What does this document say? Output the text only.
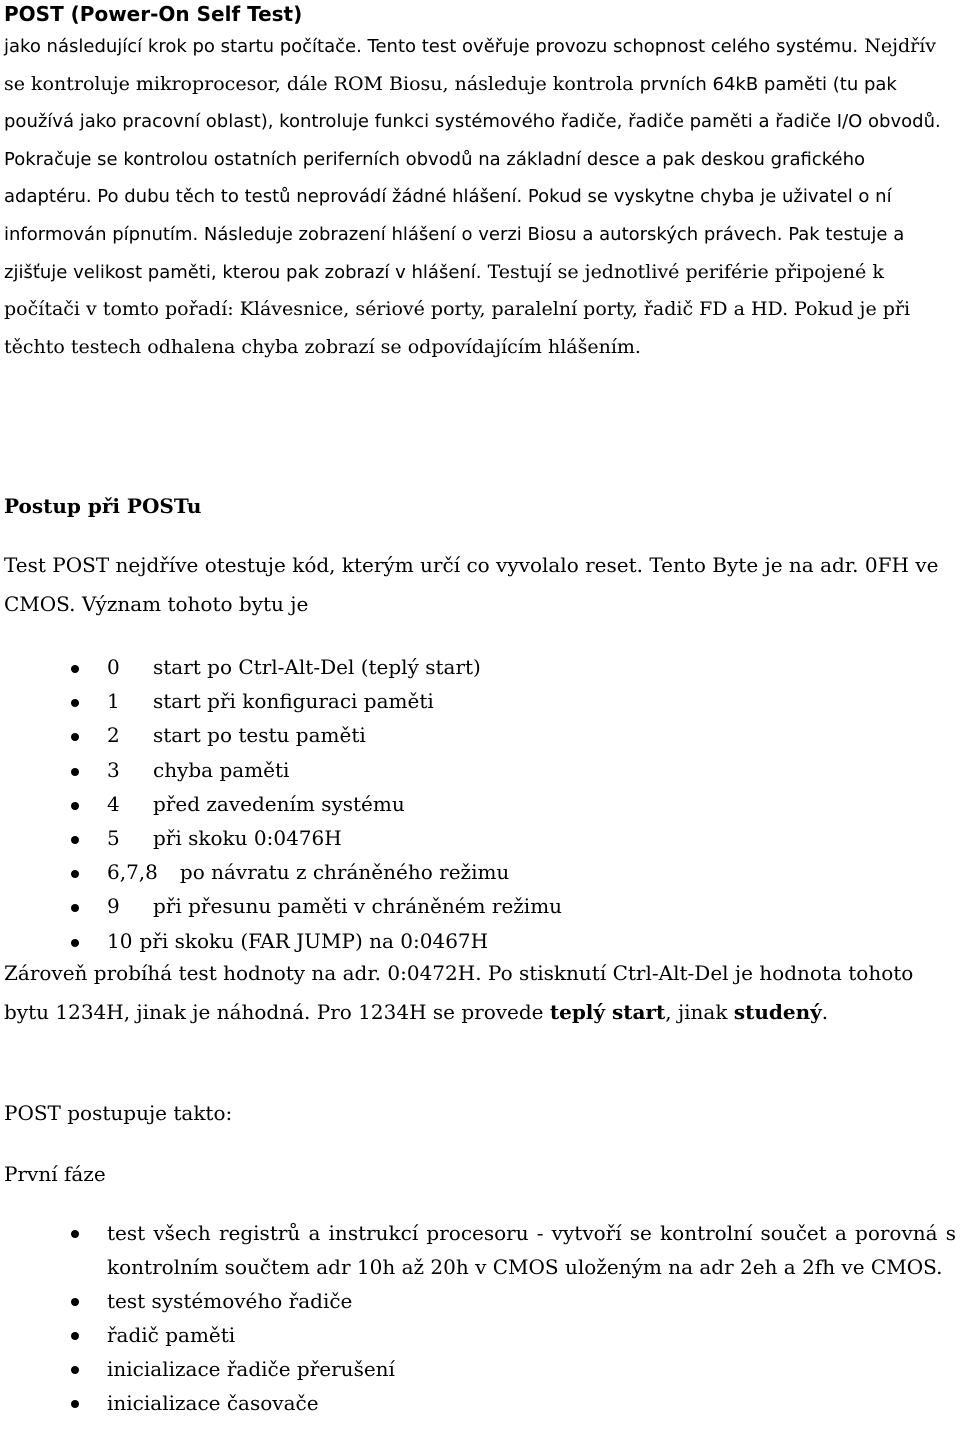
POST (Power-On Self Test)

jako následující krok po startu počítače. Tento test ověřuje provozu schopnost celého systému. Nejdřív se kontroluje mikroprocesor, dále ROM Biosu, následuje kontrola prvních 64kB paměti (tu pak používá jako pracovní oblast), kontroluje funkci systémového řadiče, řadiče paměti a řadiče I/O obvodů. Pokračuje se kontrolou ostatních periferních obvodů na základní desce a pak deskou grafického adaptéru. Po dubu těch to testů neprovádí žádné hlášení. Pokud se vyskytne chyba je uživatel o ní informován pípnutím. Následuje zobrazení hlášení o verzi Biosu a autorských právech. Pak testuje a zjišťuje velikost paměti, kterou pak zobrazí v hlášení. Testují se jednotlivé periférie připojené k počítači v tomto pořadí: Klávesnice, sériové porty, paralelní porty, řadič FD a HD. Pokud je při těchto testech odhalena chyba zobrazí se odpovídajícím hlášením.

Postup při POSTu

Test POST nejdříve otestuje kód, kterým určí co vyvolalo reset. Tento Byte je na adr. 0FH ve CMOS. Význam tohoto bytu je

0 start po Ctrl-Alt-Del (teplý start)
1 start při konfiguraci paměti
2 start po testu paměti
3 chyba paměti
4 před zavedením systému
5 při skoku 0:0476H
6,7,8 po návratu z chráněného režimu
9 při přesunu paměti v chráněném režimu
10 při skoku (FAR JUMP) na 0:0467H

Zároveň probíhá test hodnoty na adr. 0:0472H. Po stisknutí Ctrl-Alt-Del je hodnota tohoto bytu 1234H, jinak je náhodná. Pro 1234H se provede teplý start, jinak studený.

POST postupuje takto:

První fáze

test všech registrů a instrukcí procesoru - vytvoří se kontrolní součet a porovná s kontrolním součtem adr 10h až 20h v CMOS uloženým na adr 2eh a 2fh ve CMOS.
test systémového řadiče
řadič paměti
inicializace řadiče přerušení
inicializace časovače
